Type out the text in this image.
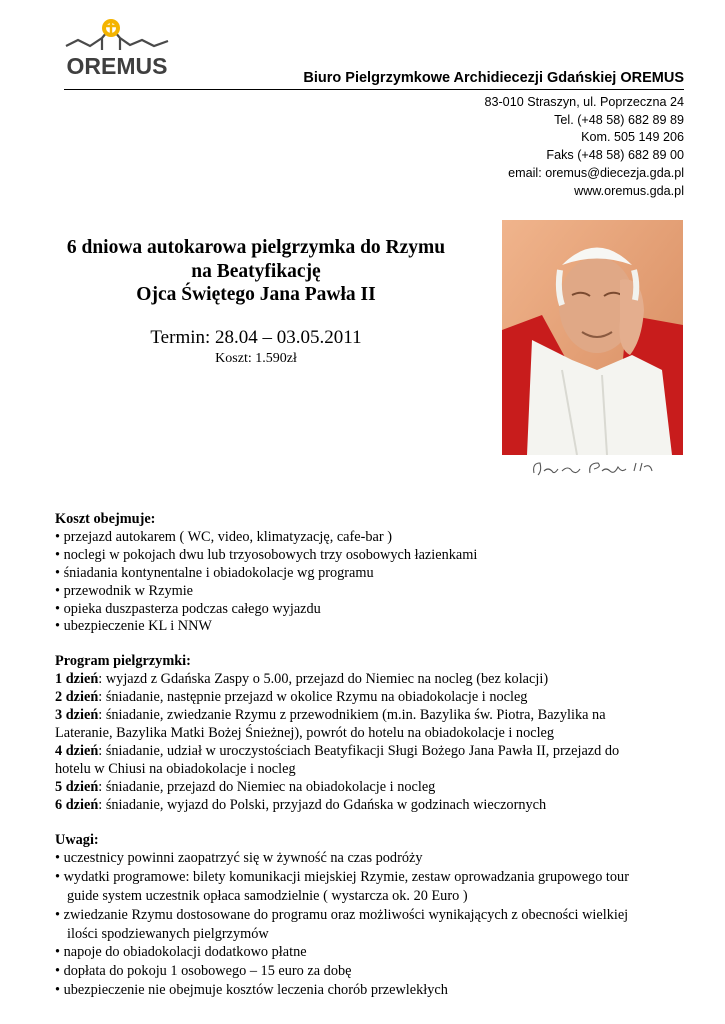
OREMUS	Biuro Pielgrzymkowe Archidiecezji Gdańskiej OREMUS
83-010 Straszyn, ul. Poprzeczna 24
Tel. (+48 58) 682 89 89
Kom. 505 149 206
Faks (+48 58) 682 89 00
email: oremus@diecezja.gda.pl
www.oremus.gda.pl
6 dniowa autokarowa pielgrzymka do Rzymu
na Beatyfikację
Ojca Świętego Jana Pawła II
Termin: 28.04 – 03.05.2011
Koszt: 1.590zł
Koszt obejmuje:
• przejazd autokarem ( WC, video, klimatyzację, cafe-bar )
• noclegi w pokojach dwu lub trzyosobowych trzy osobowych łazienkami
• śniadania kontynentalne i obiadokolacje wg programu
• przewodnik w Rzymie
• opieka duszpasterza podczas całego wyjazdu
• ubezpieczenie KL i NNW
Program pielgrzymki:
1 dzień: wyjazd z Gdańska Zaspy o 5.00, przejazd do Niemiec na nocleg (bez kolacji)
2 dzień: śniadanie, następnie przejazd w okolice Rzymu na obiadokolacje i nocleg
3 dzień: śniadanie, zwiedzanie Rzymu z przewodnikiem (m.in. Bazylika św. Piotra, Bazylika na
Lateranie, Bazylika Matki Bożej Śnieżnej), powrót do hotelu na obiadokolacje i nocleg
4 dzień: śniadanie, udział w uroczystościach Beatyfikacji Sługi Bożego Jana Pawła II, przejazd do
hotelu w Chiusi na obiadokolacje i nocleg
5 dzień: śniadanie, przejazd do Niemiec na obiadokolacje i nocleg
6 dzień: śniadanie, wyjazd do Polski, przyjazd do Gdańska w godzinach wieczornych
Uwagi:
• uczestnicy powinni zaopatrzyć się w żywność na czas podróży
• wydatki programowe: bilety komunikacji miejskiej Rzymie, zestaw oprowadzania grupowego tour
guide system uczestnik opłaca samodzielnie ( wystarcza ok. 20 Euro )
• zwiedzanie Rzymu dostosowane do programu oraz możliwości wynikających z obecności wielkiej
ilości spodziewanych pielgrzymów
• napoje do obiadokolacji dodatkowo płatne
• dopłata do pokoju 1 osobowego – 15 euro za dobę
• ubezpieczenie nie obejmuje kosztów leczenia chorób przewlekłych
